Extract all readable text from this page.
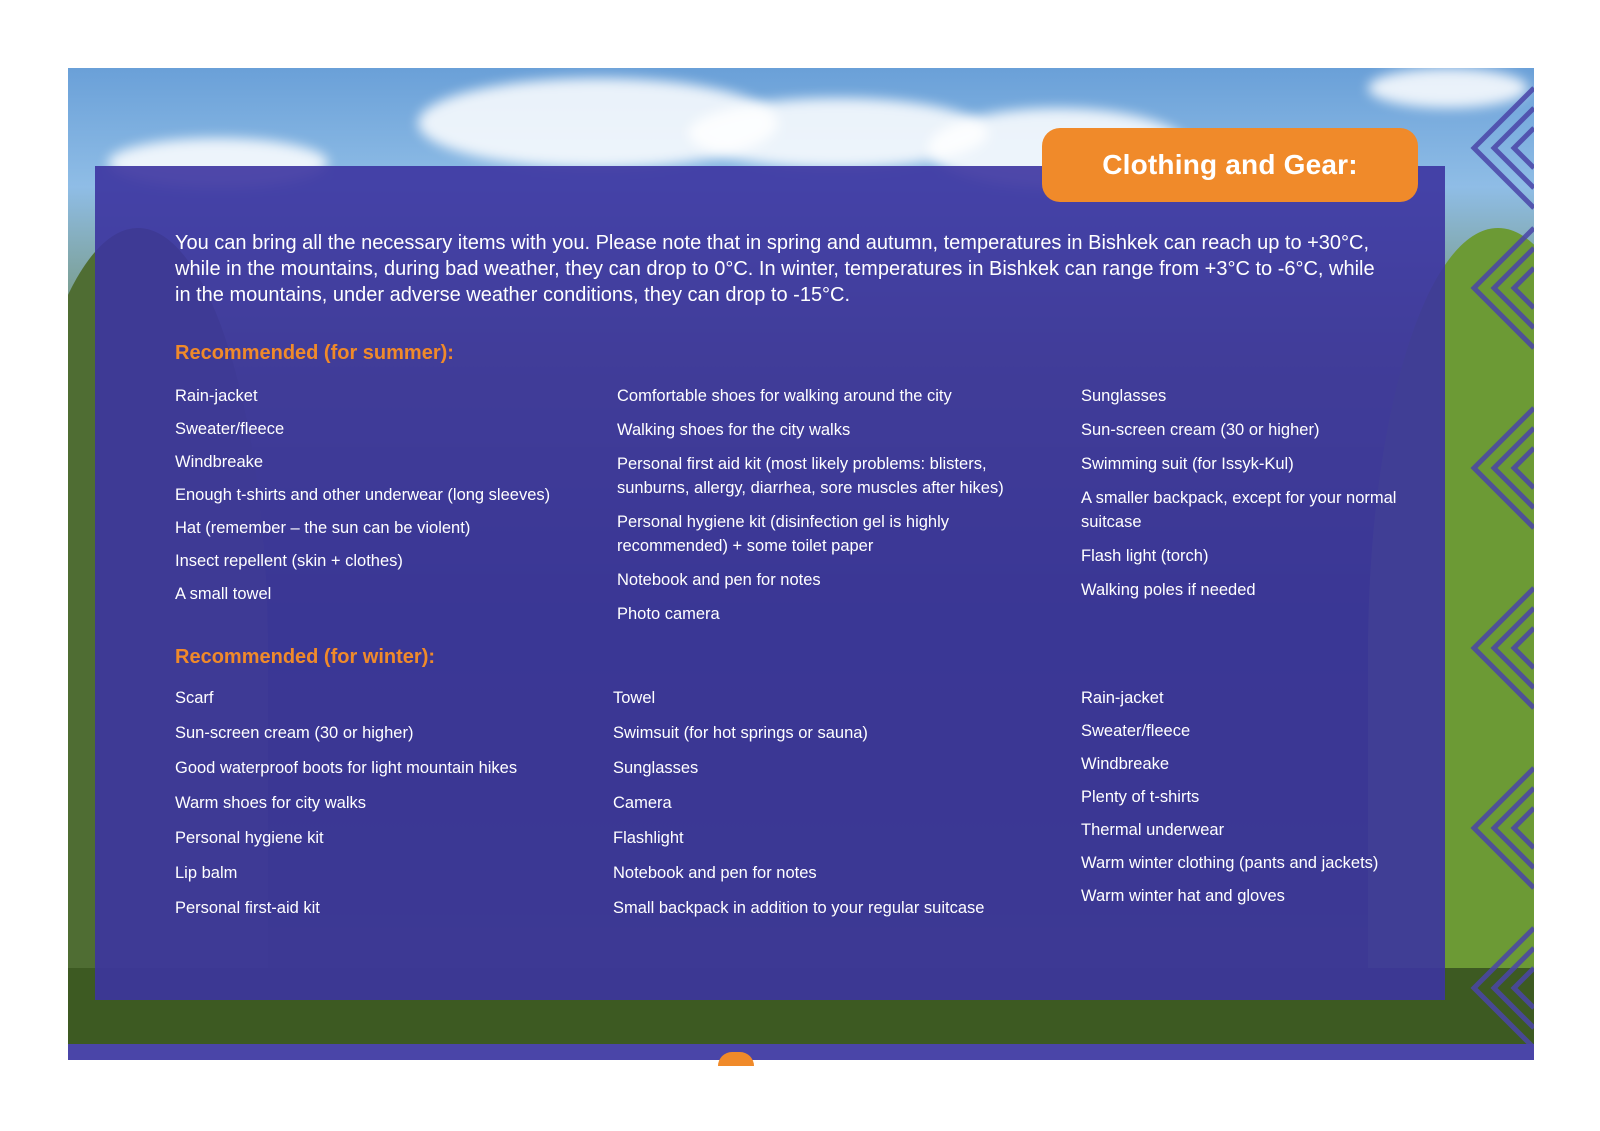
Clothing and Gear:
You can bring all the necessary items with you. Please note that in spring and autumn, temperatures in Bishkek can reach up to +30°C, while in the mountains, during bad weather, they can drop to 0°C. In winter, temperatures in Bishkek can range from +3°C to -6°C, while in the mountains, under adverse weather conditions, they can drop to -15°C.
Recommended (for summer):
Rain-jacket
Sweater/fleece
Windbreake
Enough t-shirts and other underwear (long sleeves)
Hat (remember – the sun can be violent)
Insect repellent (skin + clothes)
A small towel
Comfortable shoes for walking around the city
Walking shoes for the city walks
Personal first aid kit (most likely problems: blisters, sunburns, allergy, diarrhea, sore muscles after hikes)
Personal hygiene kit (disinfection gel is highly recommended) + some toilet paper
Notebook and pen for notes
Photo camera
Sunglasses
Sun-screen cream (30 or higher)
Swimming suit (for Issyk-Kul)
A smaller backpack, except for your normal suitcase
Flash light (torch)
Walking poles if needed
Recommended (for winter):
Scarf
Sun-screen cream (30 or higher)
Good waterproof boots for light mountain hikes
Warm shoes for city walks
Personal hygiene kit
Lip balm
Personal first-aid kit
Towel
Swimsuit (for hot springs or sauna)
Sunglasses
Camera
Flashlight
Notebook and pen for notes
Small backpack in addition to your regular suitcase
Rain-jacket
Sweater/fleece
Windbreake
Plenty of t-shirts
Thermal underwear
Warm winter clothing (pants and jackets)
Warm winter hat and gloves
